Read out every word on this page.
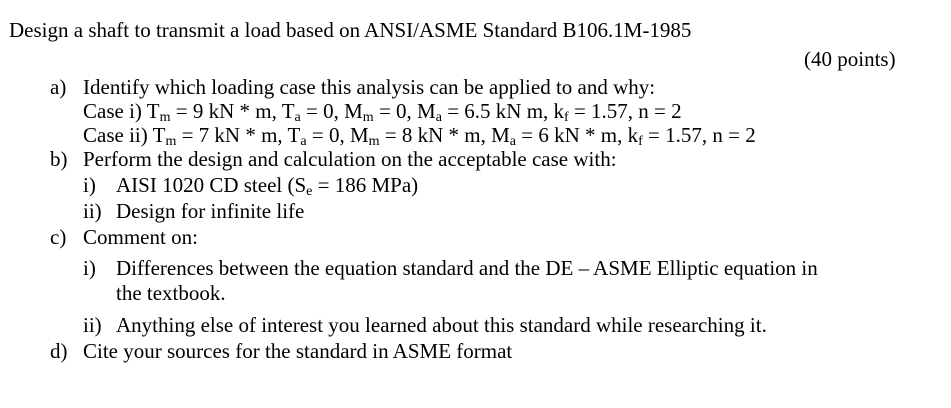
Design a shaft to transmit a load based on ANSI/ASME Standard B106.1M-1985
(40 points)
a) Identify which loading case this analysis can be applied to and why:
Case i) $T_m = 9$ kN * m, $T_a = 0$, $M_m = 0$, $M_a = 6.5$ kN m, $k_f = 1.57$, n = 2
Case ii) $T_m = 7$ kN * m, $T_a = 0$, $M_m = 8$ kN * m, $M_a = 6$ kN * m, $k_f = 1.57$, n = 2
b) Perform the design and calculation on the acceptable case with:
i) AISI 1020 CD steel ($S_e = 186$ MPa)
ii) Design for infinite life
c) Comment on:
i) Differences between the equation standard and the DE – ASME Elliptic equation in
the textbook.
ii) Anything else of interest you learned about this standard while researching it.
d) Cite your sources for the standard in ASME format
